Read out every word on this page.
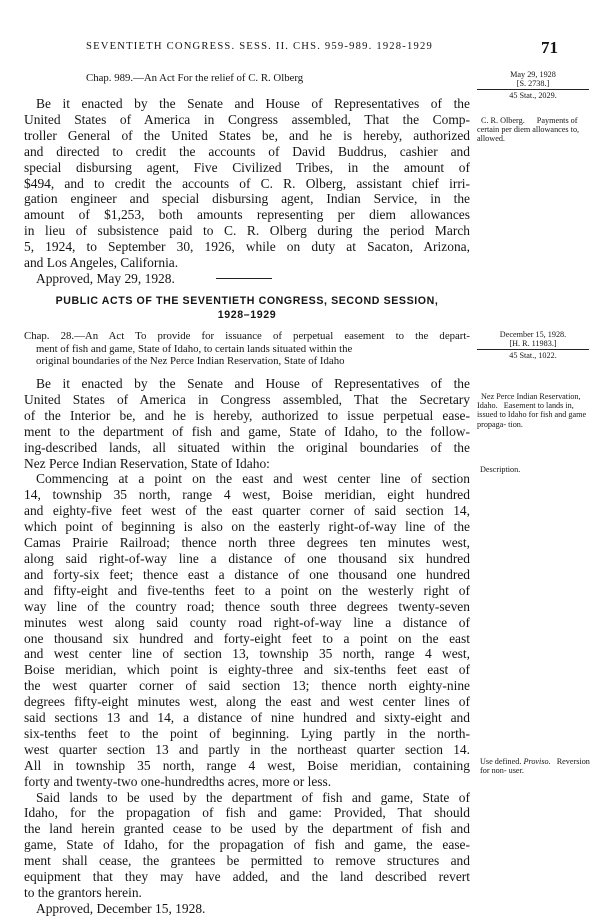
SEVENTIETH CONGRESS. SESS. II. CHS. 959-989. 1928-1929	71
Chap. 989.—An Act For the relief of C. R. Olberg
Be it enacted by the Senate and House of Representatives of the
United States of America in Congress assembled, That the Comp-
troller General of the United States be, and he is hereby, authorized
and directed to credit the accounts of David Buddrus, cashier and
special disbursing agent, Five Civilized Tribes, in the amount of
$494, and to credit the accounts of C. R. Olberg, assistant chief irri-
gation engineer and special disbursing agent, Indian Service, in the
amount of $1,253, both amounts representing per diem allowances
in lieu of subsistence paid to C. R. Olberg during the period March
5, 1924, to September 30, 1926, while on duty at Sacaton, Arizona,
and Los Angeles, California.
Approved, May 29, 1928.
May 29, 1928
[S. 2738.]
45 Stat., 2029.
C. R. Olberg. Payments of certain per diem allowances to, allowed.
PUBLIC ACTS OF THE SEVENTIETH CONGRESS, SECOND SESSION,
1928–1929
Chap. 28.—An Act To provide for issuance of perpetual easement to the depart-
ment of fish and game, State of Idaho, to certain lands situated within the
original boundaries of the Nez Perce Indian Reservation, State of Idaho
Be it enacted by the Senate and House of Representatives of the
United States of America in Congress assembled, That the Secretary
of the Interior be, and he is hereby, authorized to issue perpetual ease-
ment to the department of fish and game, State of Idaho, to the follow-
ing-described lands, all situated within the original boundaries of the
Nez Perce Indian Reservation, State of Idaho:
Commencing at a point on the east and west center line of section
14, township 35 north, range 4 west, Boise meridian, eight hundred
and eighty-five feet west of the east quarter corner of said section 14,
which point of beginning is also on the easterly right-of-way line of the
Camas Prairie Railroad; thence north three degrees ten minutes west,
along said right-of-way line a distance of one thousand six hundred
and forty-six feet; thence east a distance of one thousand one hundred
and fifty-eight and five-tenths feet to a point on the westerly right of
way line of the country road; thence south three degrees twenty-seven
minutes west along said county road right-of-way line a distance of
one thousand six hundred and forty-eight feet to a point on the east
and west center line of section 13, township 35 north, range 4 west,
Boise meridian, which point is eighty-three and six-tenths feet east of
the west quarter corner of said section 13; thence north eighty-nine
degrees fifty-eight minutes west, along the east and west center lines of
said sections 13 and 14, a distance of nine hundred and sixty-eight and
six-tenths feet to the point of beginning. Lying partly in the north-
west quarter section 13 and partly in the northeast quarter section 14.
All in township 35 north, range 4 west, Boise meridian, containing
forty and twenty-two one-hundredths acres, more or less.
Said lands to be used by the department of fish and game, State of
Idaho, for the propagation of fish and game: Provided, That should
the land herein granted cease to be used by the department of fish and
game, State of Idaho, for the propagation of fish and game, the ease-
ment shall cease, the grantees be permitted to remove structures and
equipment that they may have added, and the land described revert
to the grantors herein.
Approved, December 15, 1928.
December 15, 1928.
[H. R. 11983.]
45 Stat., 1022.
Nez Perce Indian Reservation, Idaho. Easement to lands in, issued to Idaho for fish and game propaga- tion.
Description.
Use defined. Proviso. Reversion for non- user.
